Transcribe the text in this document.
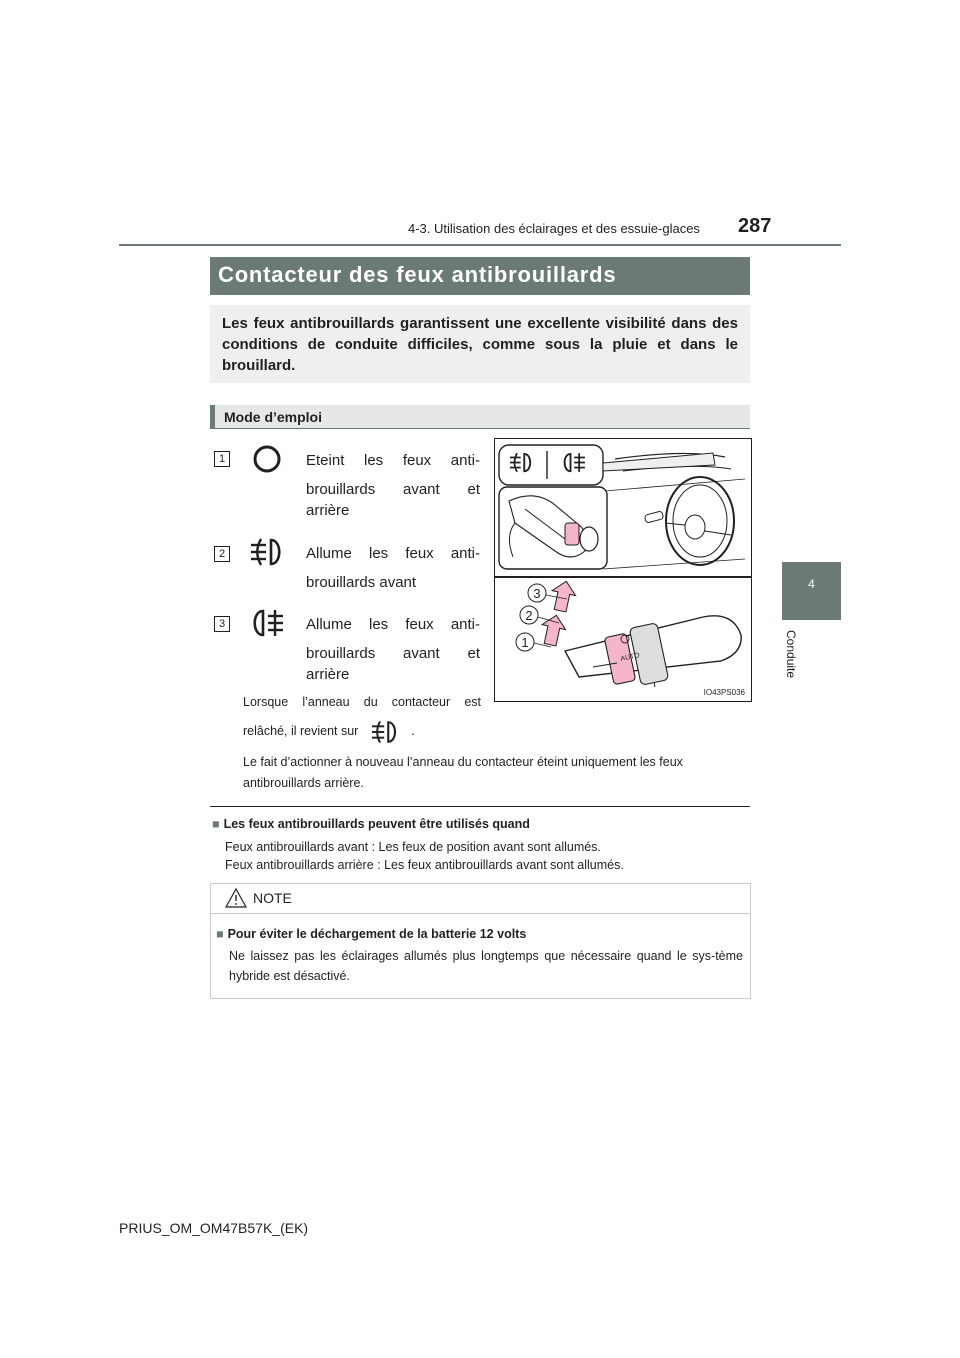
4-3. Utilisation des éclairages et des essuie-glaces 287
4
Conduite
Contacteur des feux antibrouillards
Les feux antibrouillards garantissent une excellente visibilité dans des conditions de conduite difficiles, comme sous la pluie et dans le brouillard.
Mode d’emploi
1	Eteint les feux anti-

brouillards avant et

arrière

2	Allume les feux anti-

brouillards avant

3	Allume les feux anti-

brouillards avant et

arrière

Lorsque l’anneau du contacteur est

relâché, il revient sur	.

Le fait d’actionner à nouveau l’anneau du contacteur éteint uniquement les feux antibrouillards arrière.
AUTO
3
2
1
IO43PS036
■ Les feux antibrouillards peuvent être utilisés quand

Feux antibrouillards avant : Les feux de position avant sont allumés.

Feux antibrouillards arrière : Les feux antibrouillards avant sont allumés.

NOTE
■ Pour éviter le déchargement de la batterie 12 volts
Ne laissez pas les éclairages allumés plus longtemps que nécessaire quand le sys-tème hybride est désactivé.
PRIUS_OM_OM47B57K_(EK)
